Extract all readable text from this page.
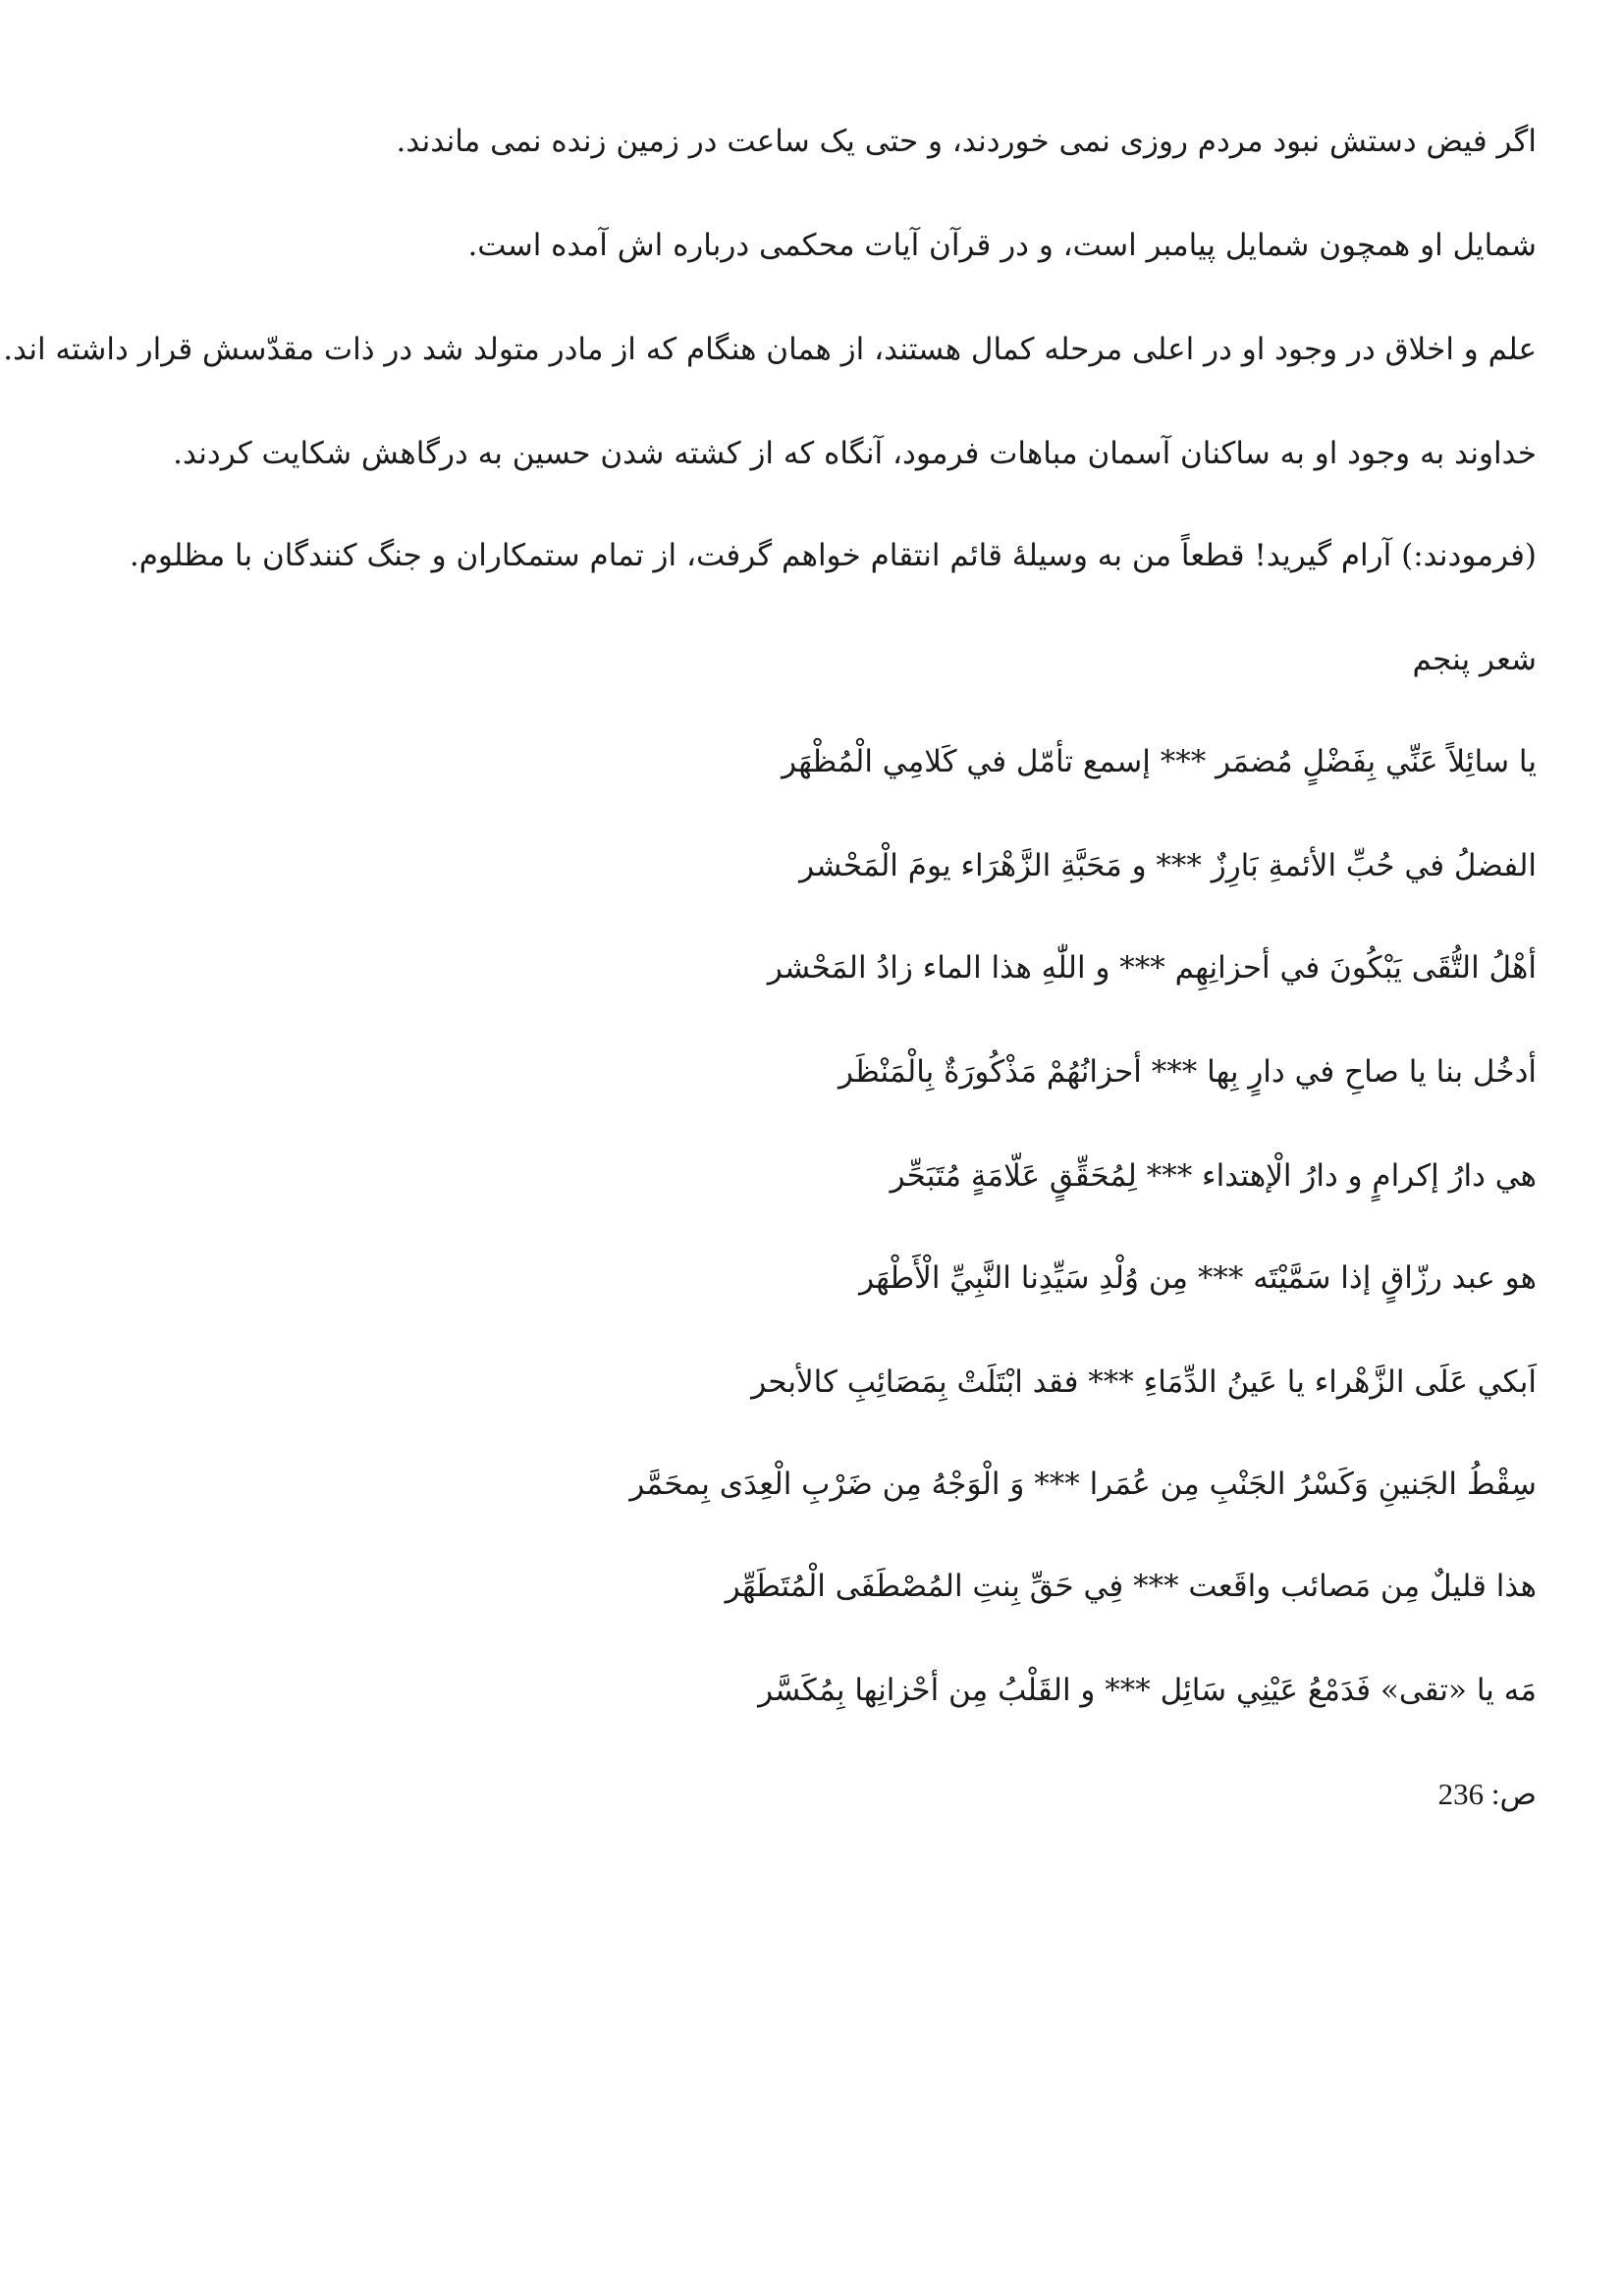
اگر فیض دستش نبود مردم روزی نمی خوردند، و حتی یک ساعت در زمین زنده نمی ماندند.
شمایل او همچون شمایل پیامبر است، و در قرآن آیات محکمی درباره اش آمده است.
علم و اخلاق در وجود او در اعلی مرحله کمال هستند، از همان هنگام که از مادر متولد شد در ذات مقدّسش قرار داشته اند.
خداوند به وجود او به ساکنان آسمان مباهات فرمود، آنگاه که از کشته شدن حسین به درگاهش شکایت کردند.
(فرمودند:) آرام گیرید! قطعاً من به وسیلۀ قائم انتقام خواهم گرفت، از تمام ستمکاران و جنگ کنندگان با مظلوم.
شعر پنجم
یا سائِلاً عَنِّي بِفَضْلٍ مُضمَر *** إسمع تأمّل في كَلامِي الْمُظْهَر
الفضلُ في حُبِّ الأئمةِ بَارِزٌ *** و مَحَبَّةِ الزَّهْرَاء يومَ الْمَحْشر
أهْلُ التُّقَى يَبْكُونَ في أحزانِهِم *** و اللّٰهِ هذا الماء زادُ المَحْشر
أدخُل بنا يا صاحِ في دارٍ بِها *** أحزانُهُمْ مَذْكُورَةٌ بِالْمَنْظَر
هي دارُ إكرامٍ و دارُ الْإهتداء *** لِمُحَقِّقٍ عَلّامَةٍ مُتَبَحِّر
هو عبد رزّاقٍ إذا سَمَّيْتَه *** مِن وُلْدِ سَيِّدِنا النَّبِيِّ الْأَطْهَر
اَبكي عَلَى الزَّهْراء يا عَينُ الدِّمَاءِ *** فقد ابْتَلَتْ بِمَصَائِبِ كالأبحر
سِقْطُ الجَنينِ وَكَسْرُ الجَنْبِ مِن عُمَرا *** وَ الْوَجْهُ مِن ضَرْبِ الْعِدَى بِمحَمَّر
هذا قليلٌ مِن مَصائب واقَعت *** فِي حَقِّ بِنتِ المُصْطَفَى الْمُتَطَهِّر
مَه يا «تقى» فَدَمْعُ عَيْنِي سَائِل *** و القَلْبُ مِن أحْزانِها بِمُكَسَّر
ص: 236
